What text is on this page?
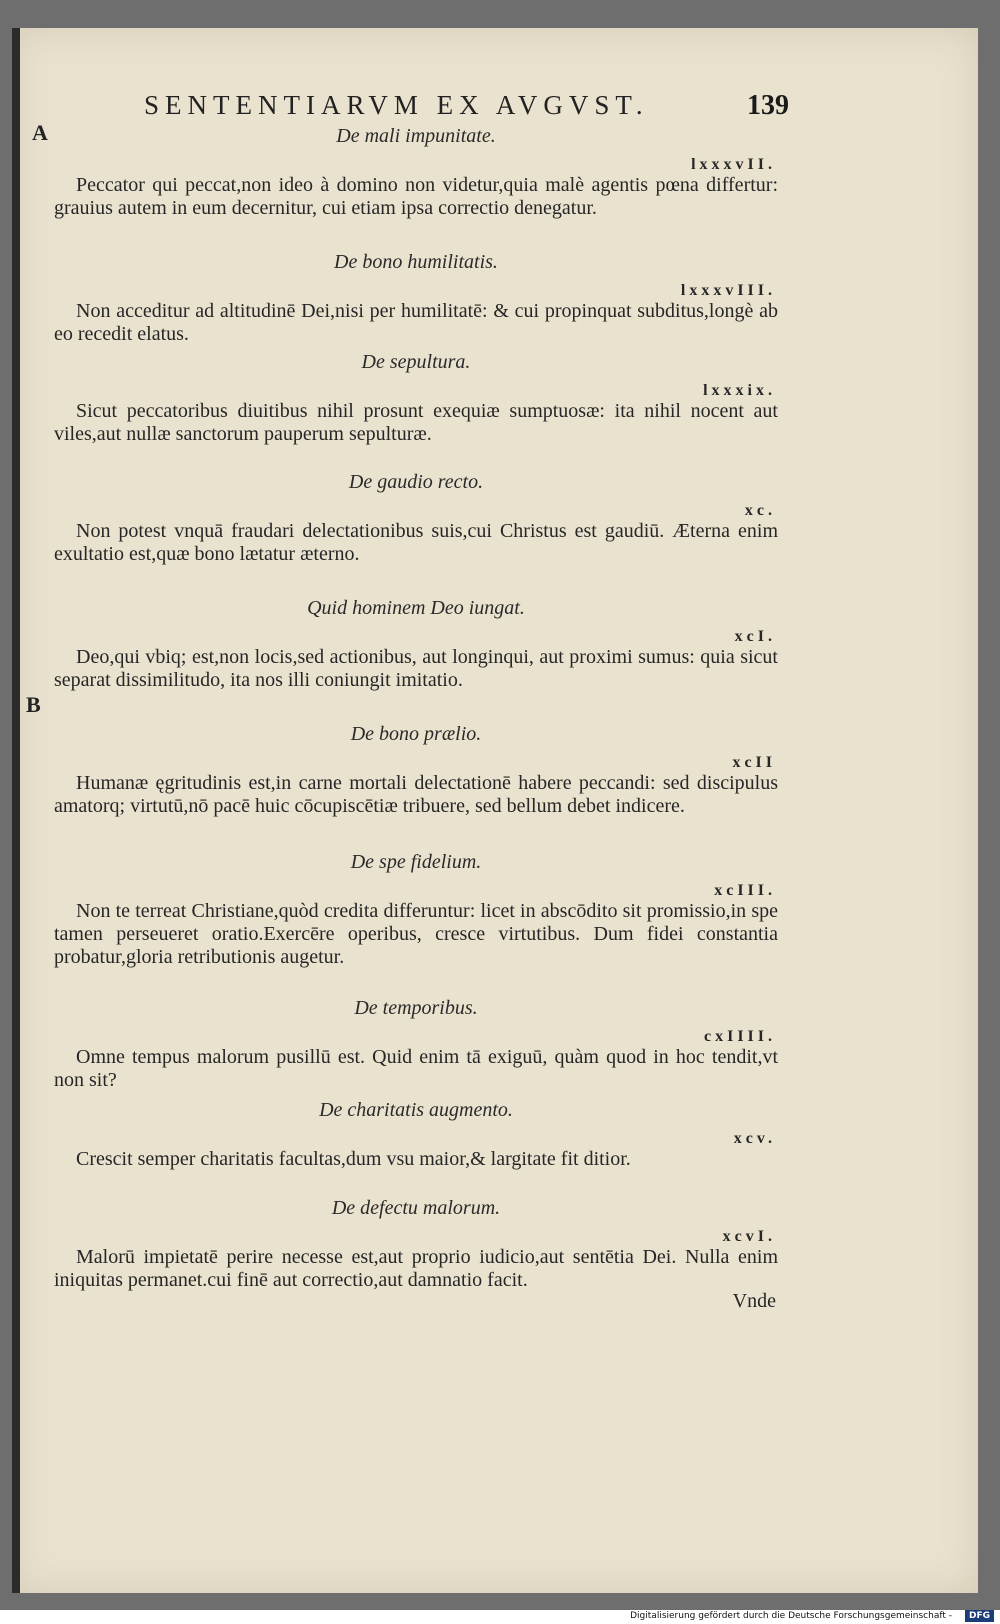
SENTENTIARVM EX AVGVST.	139
A
B
De mali impunitate.
lxxxvII.
Peccator qui peccat,non ideo à domino non videtur,quia malè agentis pœna differtur: grauius autem in eum decernitur, cui etiam ipsa correctio denegatur.
De bono humilitatis.
lxxxvIII.
Non acceditur ad altitudinē Dei,nisi per humilitatē: & cui propinquat subditus,longè ab eo recedit elatus.
De sepultura.
lxxxix.
Sicut peccatoribus diuitibus nihil prosunt exequiæ sumptuosæ: ita nihil nocent aut viles,aut nullæ sanctorum pauperum sepulturæ.
De gaudio recto.
xc.
Non potest vnquā fraudari delectationibus suis,cui Christus est gaudiū. Æterna enim exultatio est,quæ bono lætatur æterno.
Quid hominem Deo iungat.
xcI.
Deo,qui vbiq; est,non locis,sed actionibus, aut longinqui, aut proximi sumus: quia sicut separat dissimilitudo, ita nos illi coniungit imitatio.
De bono prælio.
xcII
Humanæ ęgritudinis est,in carne mortali delectationē habere peccandi: sed discipulus amatorq; virtutū,nō pacē huic cōcupiscētiæ tribuere, sed bellum debet indicere.
De spe fidelium.
xcIII.
Non te terreat Christiane,quòd credita differuntur: licet in abscōdito sit promissio,in spe tamen perseueret oratio.Exercēre operibus, cresce virtutibus. Dum fidei constantia probatur,gloria retributionis augetur.
De temporibus.
cxIIII.
Omne tempus malorum pusillū est. Quid enim tā exiguū, quàm quod in hoc tendit,vt non sit?
De charitatis augmento.
xcv.
Crescit semper charitatis facultas,dum vsu maior,& largitate fit ditior.
De defectu malorum.
xcvI.
Malorū impietatē perire necesse est,aut proprio iudicio,aut sentētia Dei. Nulla enim iniquitas permanet.cui finē aut correctio,aut damnatio facit.
Vnde
Digitalisierung gefördert durch die Deutsche Forschungsgemeinschaft -	DFG
